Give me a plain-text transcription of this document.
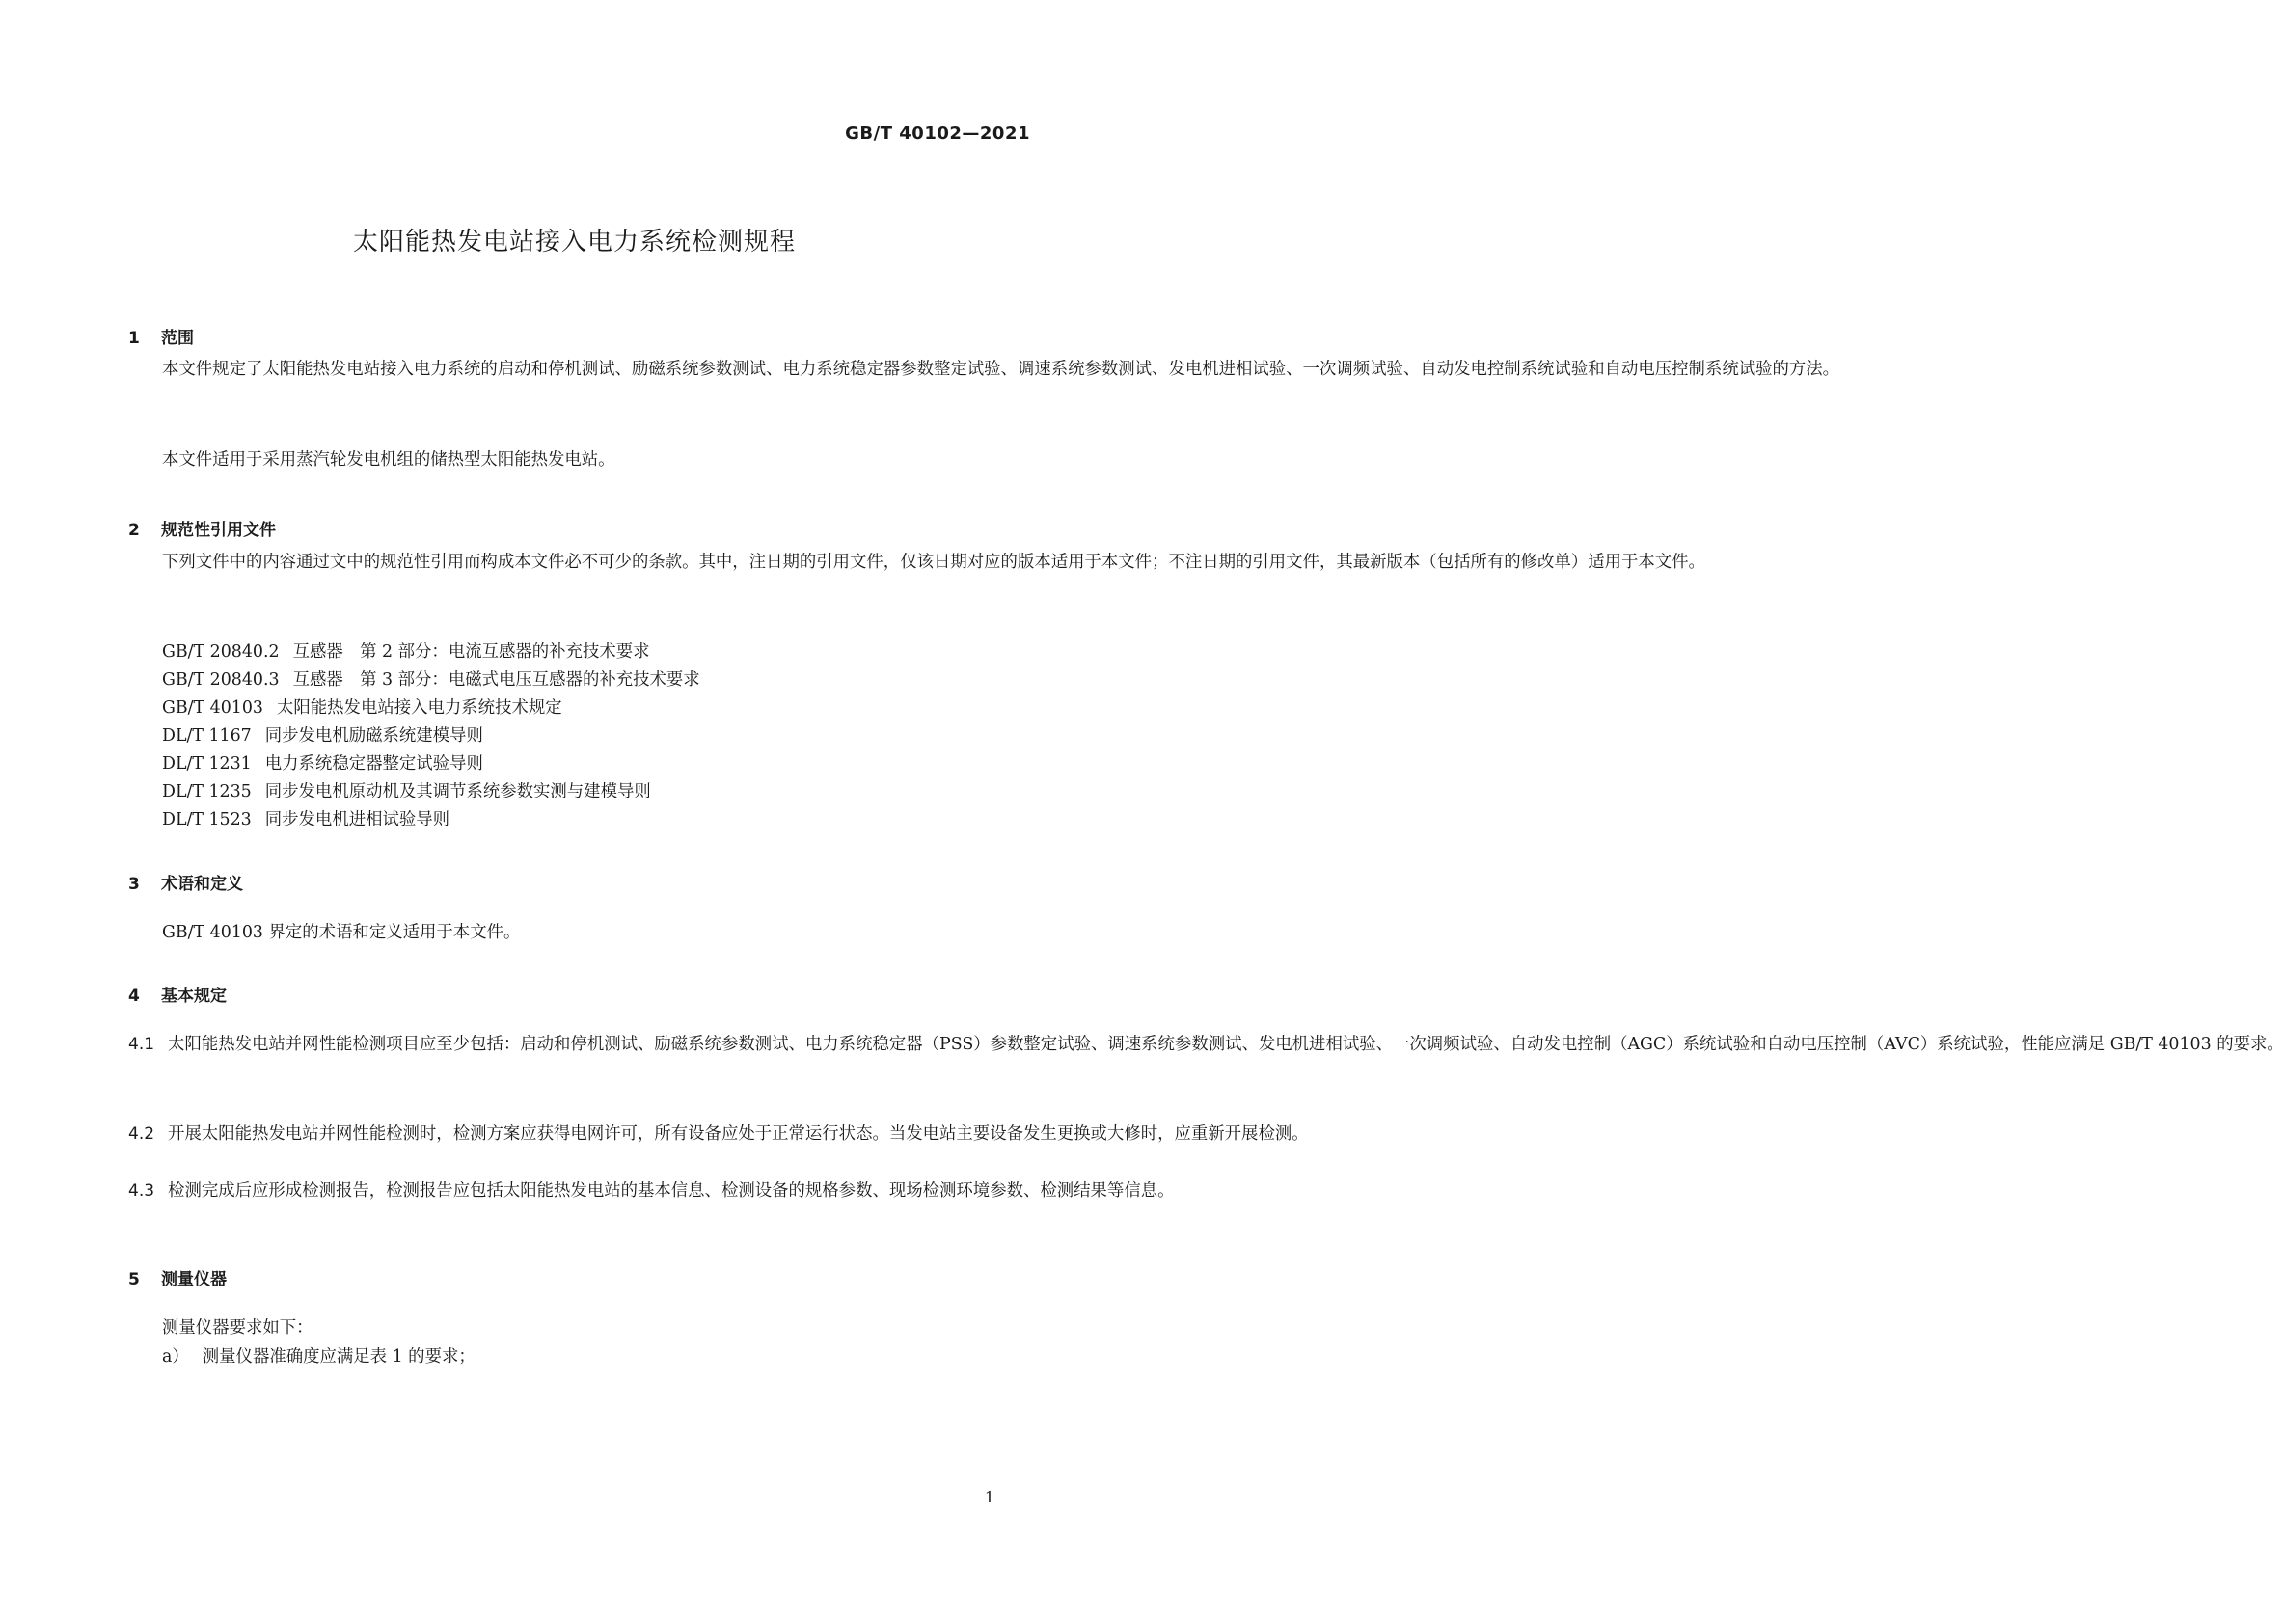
GB/T 40102—2021
太阳能热发电站接入电力系统检测规程
1 范围
本文件规定了太阳能热发电站接入电力系统的启动和停机测试、励磁系统参数测试、电力系统稳定器参数整定试验、调速系统参数测试、发电机进相试验、一次调频试验、自动发电控制系统试验和自动电压控制系统试验的方法。
本文件适用于采用蒸汽轮发电机组的储热型太阳能热发电站。
2 规范性引用文件
下列文件中的内容通过文中的规范性引用而构成本文件必不可少的条款。其中，注日期的引用文件，仅该日期对应的版本适用于本文件；不注日期的引用文件，其最新版本（包括所有的修改单）适用于本文件。
GB/T 20840.2 互感器　第 2 部分：电流互感器的补充技术要求
GB/T 20840.3 互感器　第 3 部分：电磁式电压互感器的补充技术要求
GB/T 40103 太阳能热发电站接入电力系统技术规定
DL/T 1167 同步发电机励磁系统建模导则
DL/T 1231 电力系统稳定器整定试验导则
DL/T 1235 同步发电机原动机及其调节系统参数实测与建模导则
DL/T 1523 同步发电机进相试验导则
3 术语和定义
GB/T 40103 界定的术语和定义适用于本文件。
4 基本规定
4.1 太阳能热发电站并网性能检测项目应至少包括：启动和停机测试、励磁系统参数测试、电力系统稳定器（PSS）参数整定试验、调速系统参数测试、发电机进相试验、一次调频试验、自动发电控制（AGC）系统试验和自动电压控制（AVC）系统试验，性能应满足 GB/T 40103 的要求。
4.2 开展太阳能热发电站并网性能检测时，检测方案应获得电网许可，所有设备应处于正常运行状态。当发电站主要设备发生更换或大修时，应重新开展检测。
4.3 检测完成后应形成检测报告，检测报告应包括太阳能热发电站的基本信息、检测设备的规格参数、现场检测环境参数、检测结果等信息。
5 测量仪器
测量仪器要求如下：
a） 测量仪器准确度应满足表 1 的要求；
1
